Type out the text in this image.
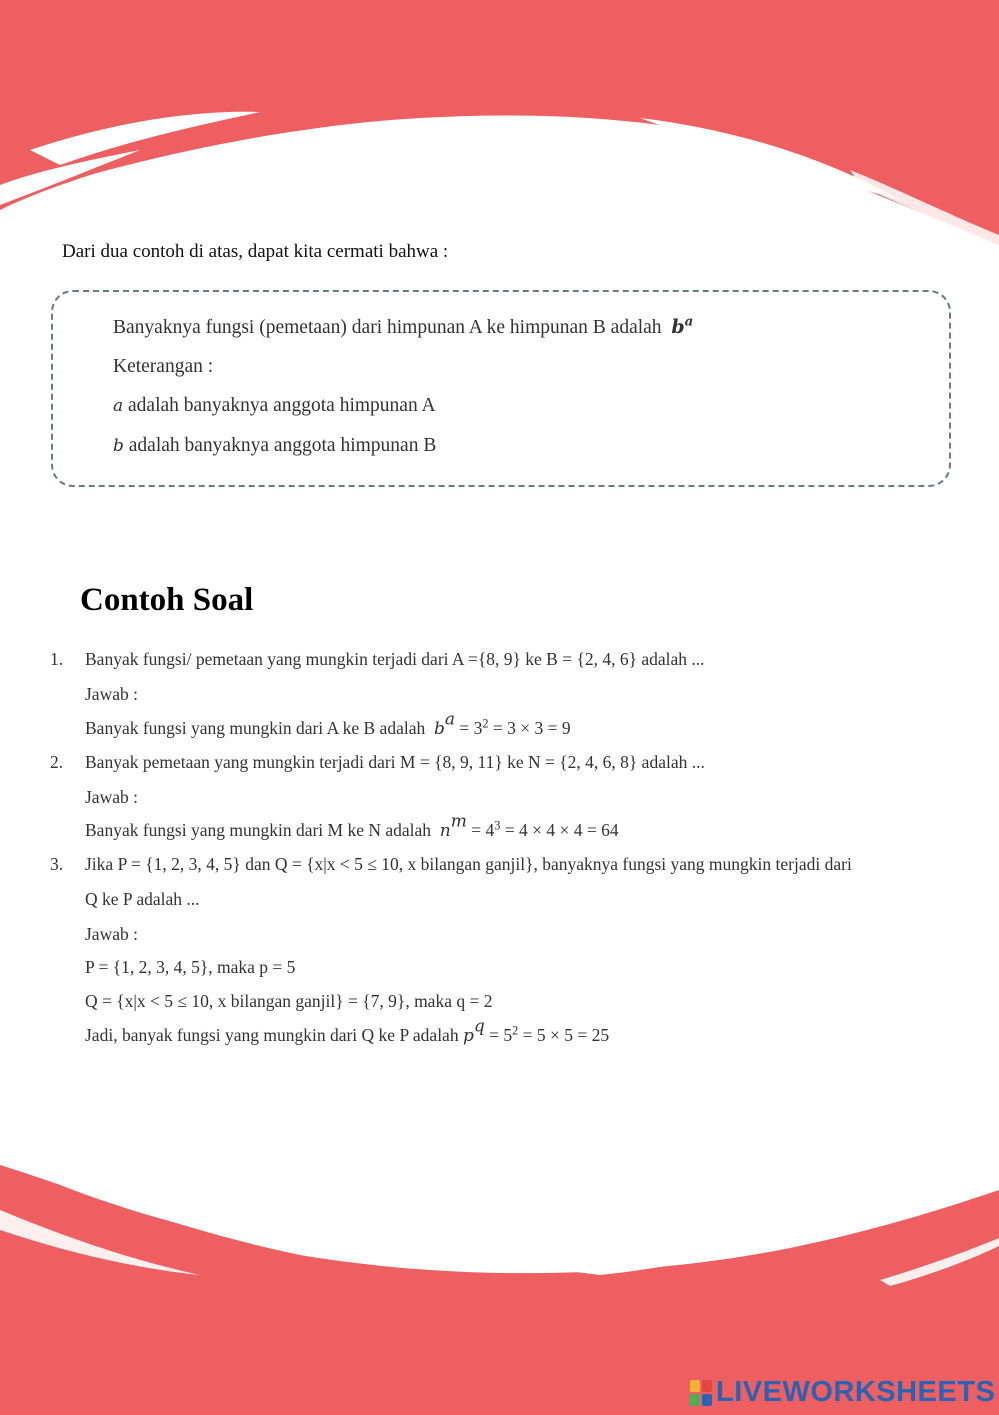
Dari dua contoh di atas, dapat kita cermati bahwa :
Banyaknya fungsi (pemetaan) dari himpunan A ke himpunan B adalah $b^a$
Keterangan :
a adalah banyaknya anggota himpunan A
b adalah banyaknya anggota himpunan B
Contoh Soal
1. Banyak fungsi/ pemetaan yang mungkin terjadi dari A ={8, 9} ke B = {2, 4, 6} adalah ...
Jawab :
Banyak fungsi yang mungkin dari A ke B adalah $b^a = 3^2 = 3 \times 3 = 9$
2. Banyak pemetaan yang mungkin terjadi dari M = {8, 9, 11} ke N = {2, 4, 6, 8} adalah ...
Jawab :
Banyak fungsi yang mungkin dari M ke N adalah $n^m = 4^3 = 4 \times 4 \times 4 = 64$
3. Jika P = {1, 2, 3, 4, 5} dan Q = {x|x < 5 ≤ 10, x bilangan ganjil}, banyaknya fungsi yang mungkin terjadi dari
Q ke P adalah ...
Jawab :
P = {1, 2, 3, 4, 5}, maka p = 5
Q = {x|x < 5 ≤ 10, x bilangan ganjil} = {7, 9}, maka q = 2
Jadi, banyak fungsi yang mungkin dari Q ke P adalah $p^q = 5^2 = 5 \times 5 = 25$
LIVEWORKSHEETS
